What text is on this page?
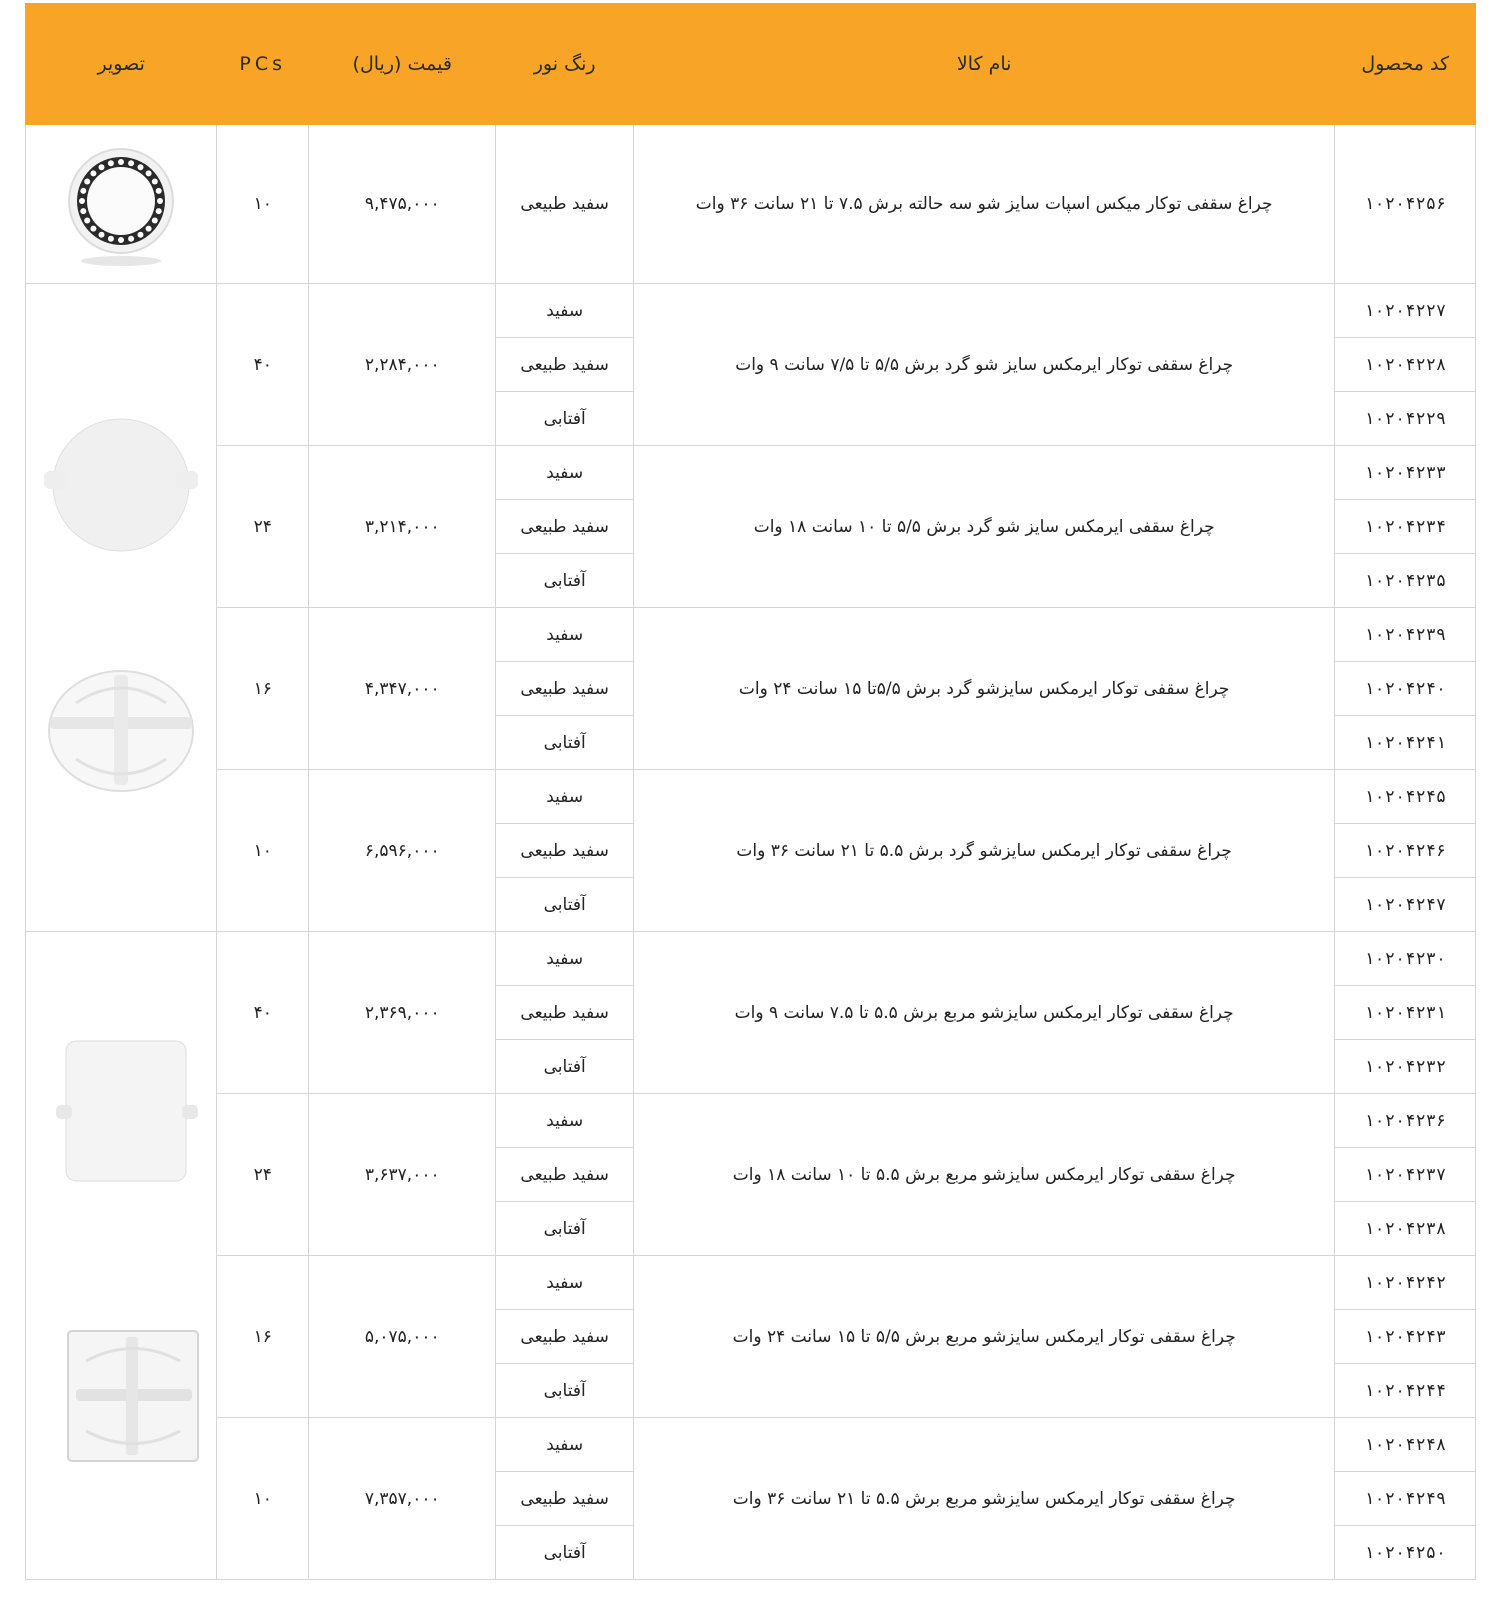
تصویر	PCs	قیمت (ریال)	رنگ نور	نام کالا	کد محصول

	۱۰	۹,۴۷۵,۰۰۰	سفید طبیعی	چراغ سقفی توکار میکس اسپات سایز شو سه حالته برش ۷.۵ تا ۲۱ سانت ۳۶ وات	۱۰۲۰۴۲۵۶

	۴۰	۲,۲۸۴,۰۰۰	سفید	چراغ سقفی توکار ایرمکس سایز شو گرد برش ۵/۵ تا ۷/۵ سانت ۹ وات	۱۰۲۰۴۲۲۷
			سفید طبیعی		۱۰۲۰۴۲۲۸
			آفتابی		۱۰۲۰۴۲۲۹
	۲۴	۳,۲۱۴,۰۰۰	سفید	چراغ سقفی ایرمکس سایز شو گرد برش ۵/۵ تا ۱۰ سانت ۱۸ وات	۱۰۲۰۴۲۳۳
			سفید طبیعی		۱۰۲۰۴۲۳۴
			آفتابی		۱۰۲۰۴۲۳۵
	۱۶	۴,۳۴۷,۰۰۰	سفید	چراغ سقفی توکار ایرمکس سایزشو گرد برش ۵/۵تا ۱۵ سانت ۲۴ وات	۱۰۲۰۴۲۳۹
			سفید طبیعی		۱۰۲۰۴۲۴۰
			آفتابی		۱۰۲۰۴۲۴۱
	۱۰	۶,۵۹۶,۰۰۰	سفید	چراغ سقفی توکار ایرمکس سایزشو گرد برش ۵.۵ تا ۲۱ سانت ۳۶ وات	۱۰۲۰۴۲۴۵
			سفید طبیعی		۱۰۲۰۴۲۴۶
			آفتابی		۱۰۲۰۴۲۴۷

	۴۰	۲,۳۶۹,۰۰۰	سفید	چراغ سقفی توکار ایرمکس سایزشو مربع برش ۵.۵ تا ۷.۵ سانت ۹ وات	۱۰۲۰۴۲۳۰
			سفید طبیعی		۱۰۲۰۴۲۳۱
			آفتابی		۱۰۲۰۴۲۳۲
	۲۴	۳,۶۳۷,۰۰۰	سفید	چراغ سقفی توکار ایرمکس سایزشو مربع برش ۵.۵ تا ۱۰ سانت ۱۸ وات	۱۰۲۰۴۲۳۶
			سفید طبیعی		۱۰۲۰۴۲۳۷
			آفتابی		۱۰۲۰۴۲۳۸
	۱۶	۵,۰۷۵,۰۰۰	سفید	چراغ سقفی توکار ایرمکس سایزشو مربع برش ۵/۵ تا ۱۵ سانت ۲۴ وات	۱۰۲۰۴۲۴۲
			سفید طبیعی		۱۰۲۰۴۲۴۳
			آفتابی		۱۰۲۰۴۲۴۴
	۱۰	۷,۳۵۷,۰۰۰	سفید	چراغ سقفی توکار ایرمکس سایزشو مربع برش ۵.۵ تا ۲۱ سانت ۳۶ وات	۱۰۲۰۴۲۴۸
			سفید طبیعی		۱۰۲۰۴۲۴۹
			آفتابی		۱۰۲۰۴۲۵۰
